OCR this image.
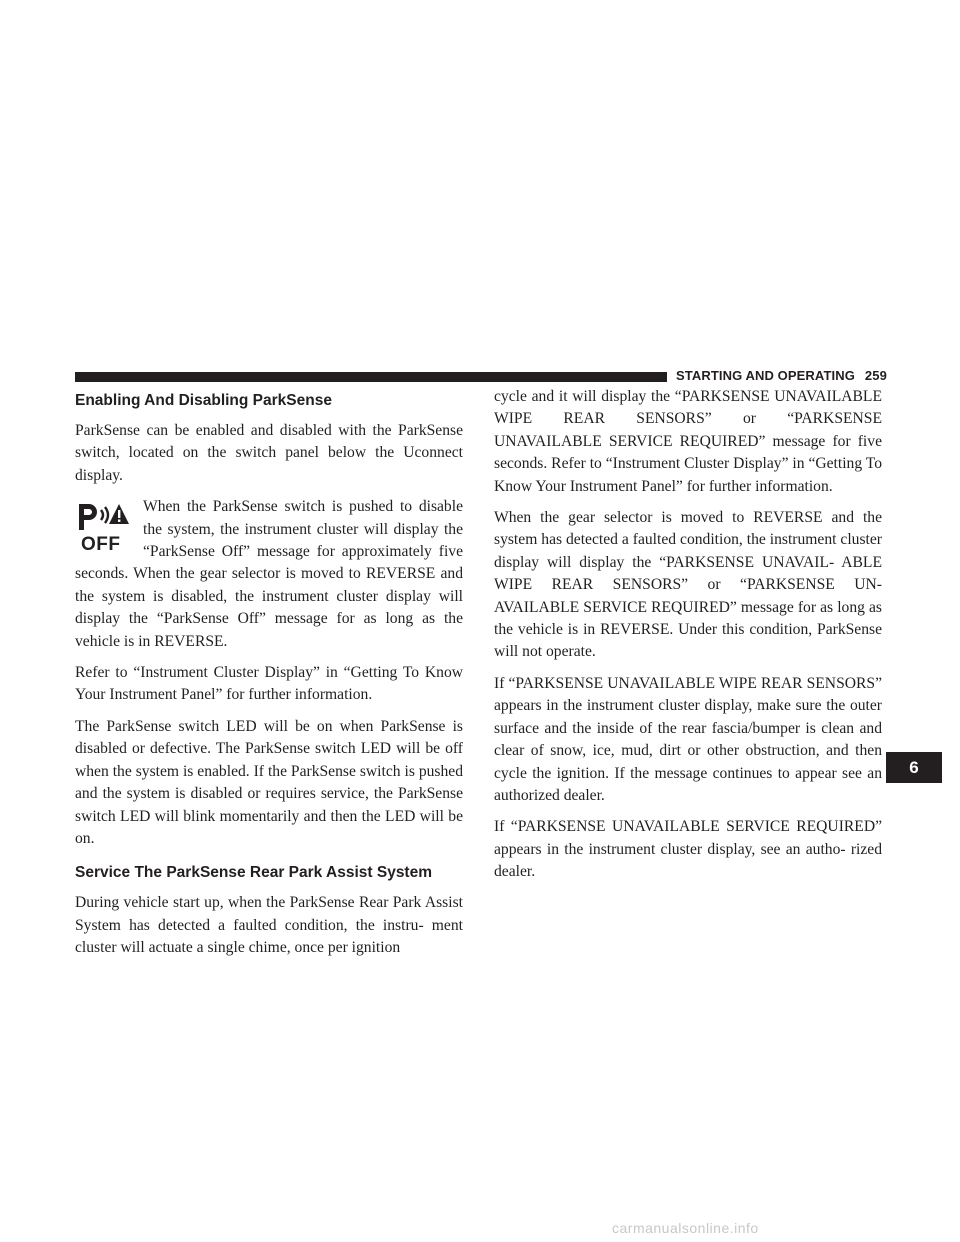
STARTING AND OPERATING 259
Enabling And Disabling ParkSense

ParkSense can be enabled and disabled with the ParkSense switch, located on the switch panel below the Uconnect display.

OFF

When the ParkSense switch is pushed to disable the system, the instrument cluster will display the “ParkSense Off” message for approximately five seconds. When the gear selector is moved to REVERSE and the system is disabled, the instrument cluster display will display the “ParkSense Off” message for as long as the vehicle is in REVERSE.

Refer to “Instrument Cluster Display” in “Getting To Know Your Instrument Panel” for further information.

The ParkSense switch LED will be on when ParkSense is disabled or defective. The ParkSense switch LED will be off when the system is enabled. If the ParkSense switch is pushed and the system is disabled or requires service, the ParkSense switch LED will blink momentarily and then the LED will be on.

Service The ParkSense Rear Park Assist System

During vehicle start up, when the ParkSense Rear Park Assist System has detected a faulted condition, the instru- ment cluster will actuate a single chime, once per ignition

cycle and it will display the “PARKSENSE UNAVAILABLE WIPE REAR SENSORS” or “PARKSENSE UNAVAILABLE SERVICE REQUIRED” message for five seconds. Refer to “Instrument Cluster Display” in “Getting To Know Your Instrument Panel” for further information.

When the gear selector is moved to REVERSE and the system has detected a faulted condition, the instrument cluster display will display the “PARKSENSE UNAVAIL- ABLE WIPE REAR SENSORS” or “PARKSENSE UN- AVAILABLE SERVICE REQUIRED” message for as long as the vehicle is in REVERSE. Under this condition, ParkSense will not operate.

If “PARKSENSE UNAVAILABLE WIPE REAR SENSORS” appears in the instrument cluster display, make sure the outer surface and the inside of the rear fascia/bumper is clean and clear of snow, ice, mud, dirt or other obstruction, and then cycle the ignition. If the message continues to appear see an authorized dealer.

If “PARKSENSE UNAVAILABLE SERVICE REQUIRED” appears in the instrument cluster display, see an autho- rized dealer.

6
carmanualsonline.info
